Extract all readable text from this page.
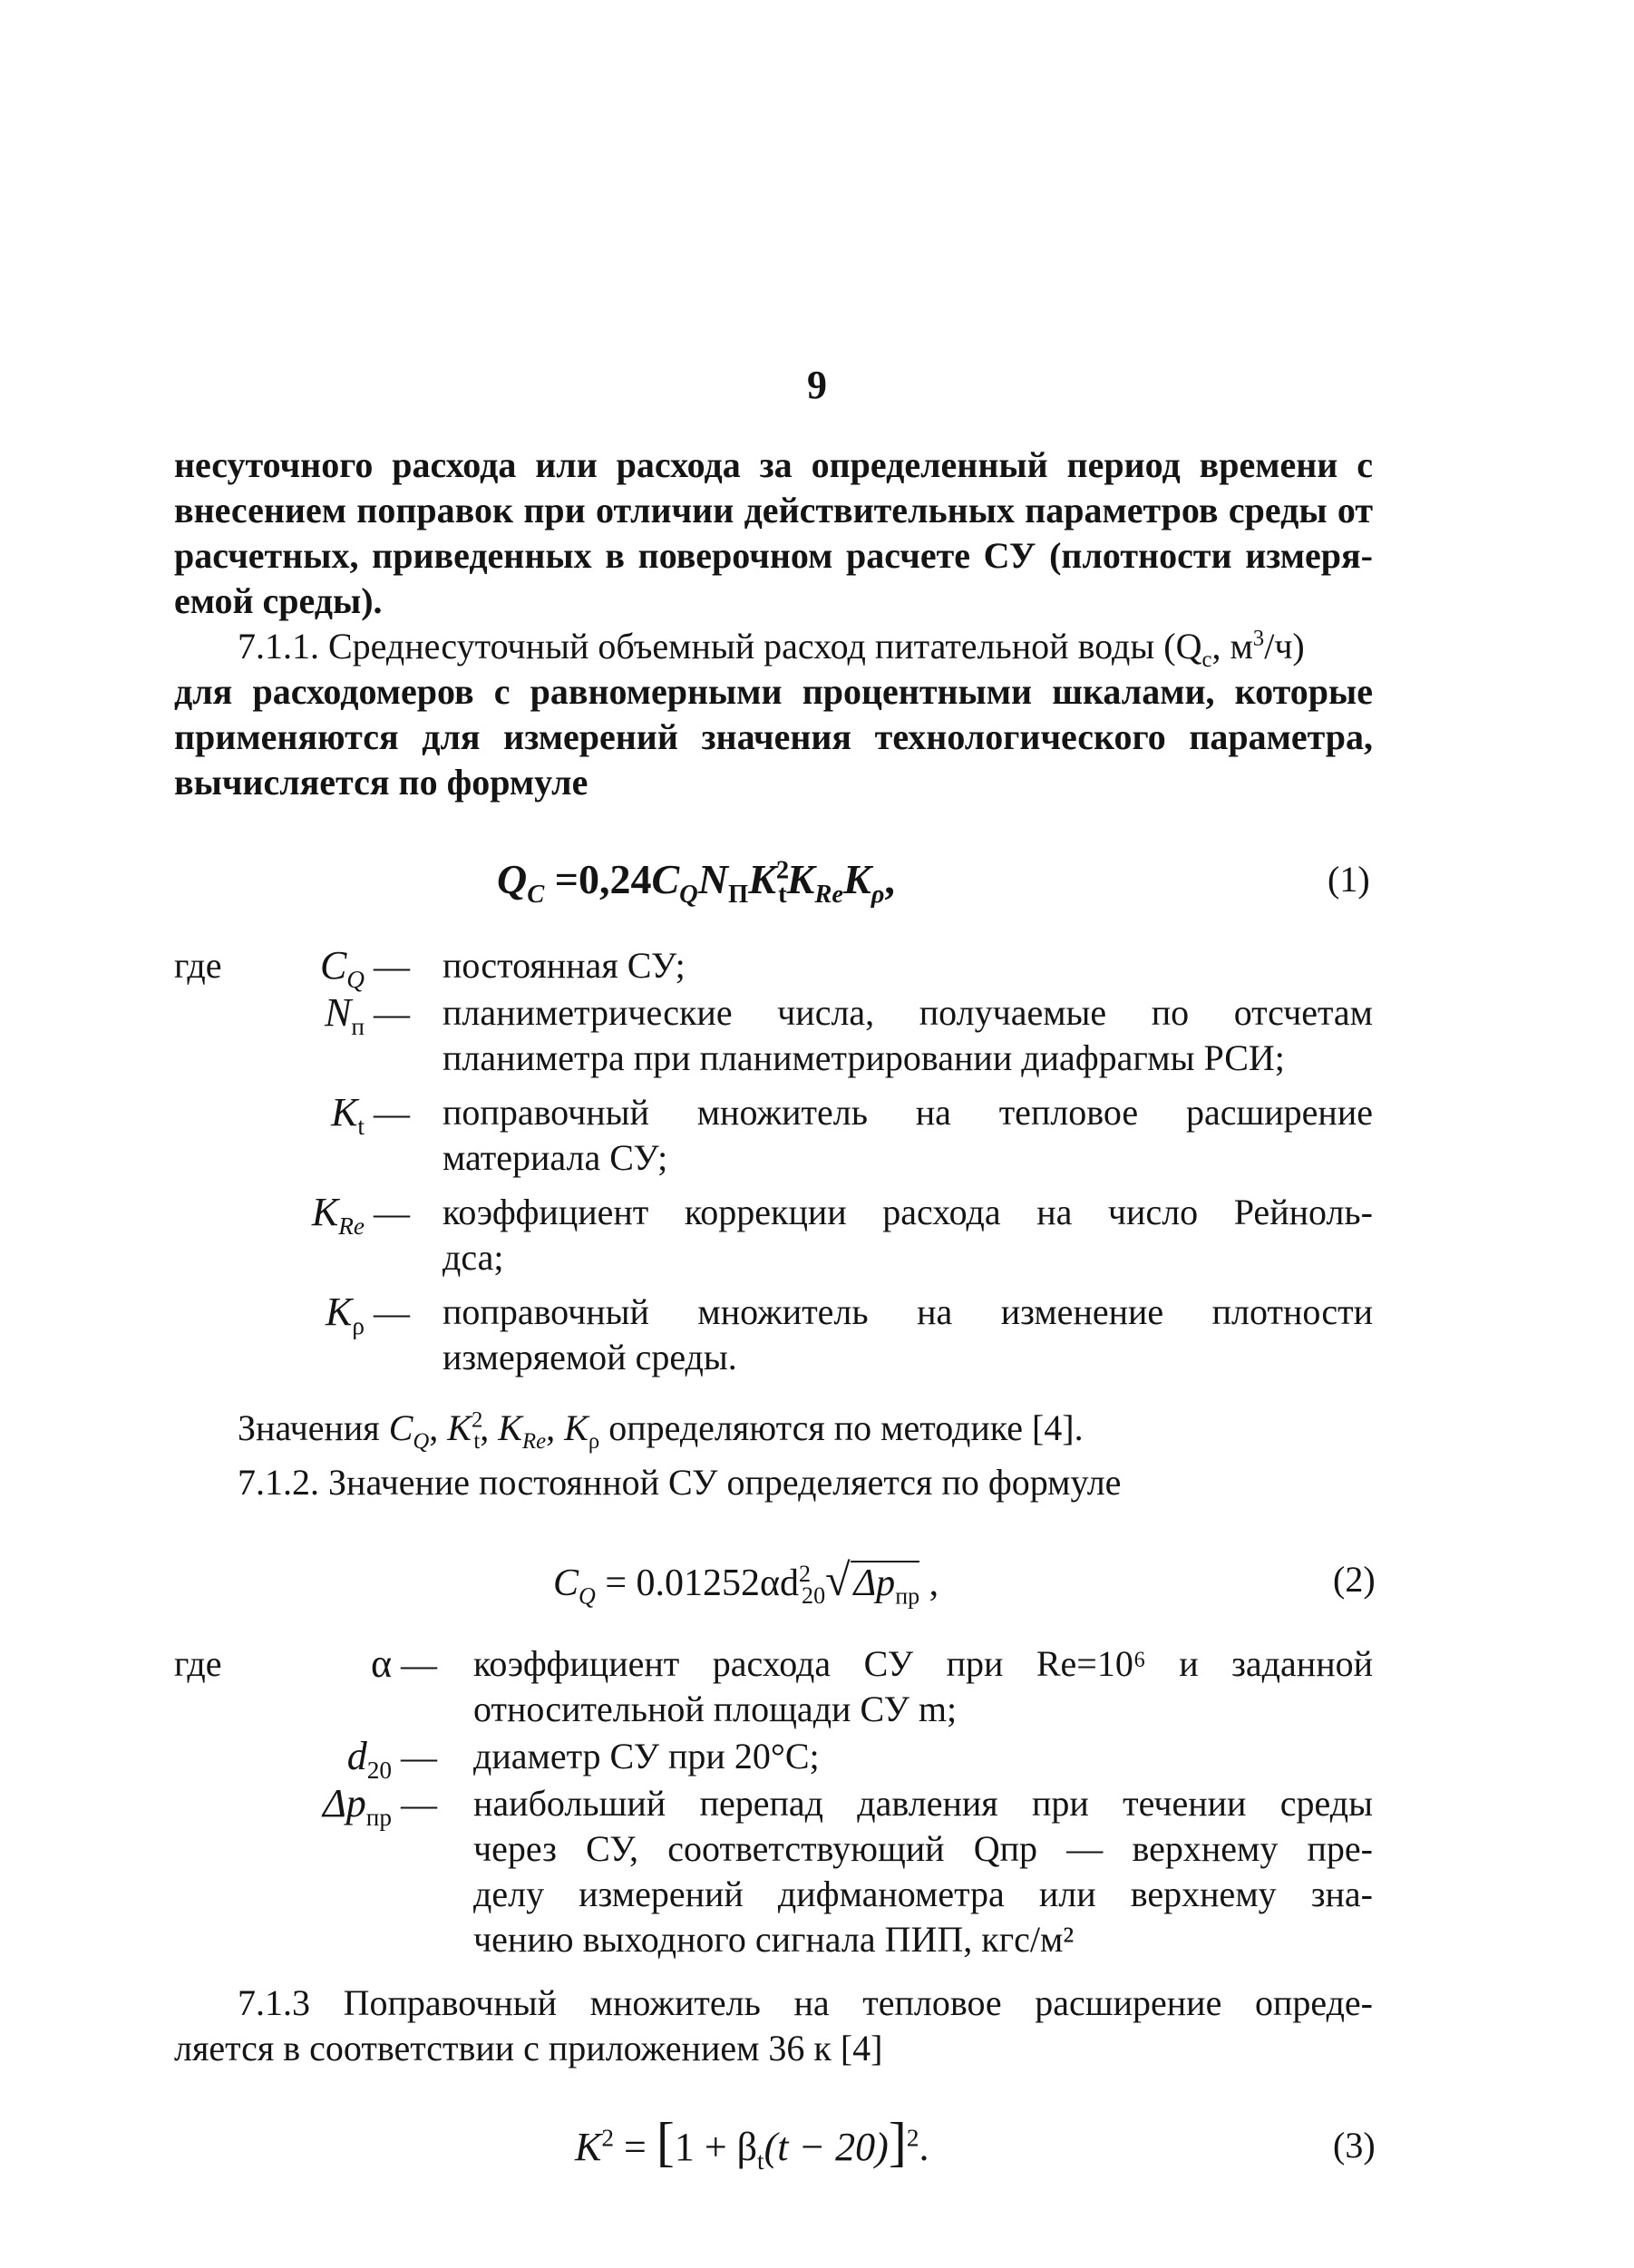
9
несуточного расхода или расхода за определенный период времени с
внесением поправок при отличии действительных параметров среды от
расчетных, приведенных в поверочном расчете СУ (плотности измеря-
емой среды).
7.1.1. Среднесуточный объемный расход питательной воды ($Q_c$, $м^3/ч$)
для расходомеров с равномерными процентными шкалами, которые
применяются для измерений значения технологического параметра,
вычисляется по формуле
$Q_C =0,24C_QN_ПK^2_tK_{Re}K_\rho$,	(1)
где	$C_Q$ — постоянная СУ;
$N_п$ — планиметрические числа, получаемые по отсчетам
планиметра при планиметрировании диафрагмы РСИ;
$K_t$ — поправочный множитель на тепловое расширение
материала СУ;
$K_{Re}$ — коэффициент коррекции расхода на число Рейноль-
дса;
$K_\rho$ — поправочный множитель на изменение плотности
измеряемой среды.
Значения $C_Q$, $K^2_t$, $K_{Re}$, $K_\rho$ определяются по методике [4].
7.1.2. Значение постоянной СУ определяется по формуле
$C_Q = 0.01252\alpha d^2_{20}√\Delta p_{пр}$ ,	(2)
где	α — коэффициент расхода СУ при Re=10⁶ и заданной
относительной площади СУ m;
$d_{20}$ — диаметр СУ при 20°С;
$\Delta p_{пр}$ — наибольший перепад давления при течении среды
через СУ, соответствующий Qпр — верхнему пре-
делу измерений дифманометра или верхнему зна-
чению выходного сигнала ПИП, кгс/м²
7.1.3 Поправочный множитель на тепловое расширение опреде-
ляется в соответствии с приложением 36 к [4]
$K^2 = [1 + \beta_t(t - 20)]^2$.	(3)
